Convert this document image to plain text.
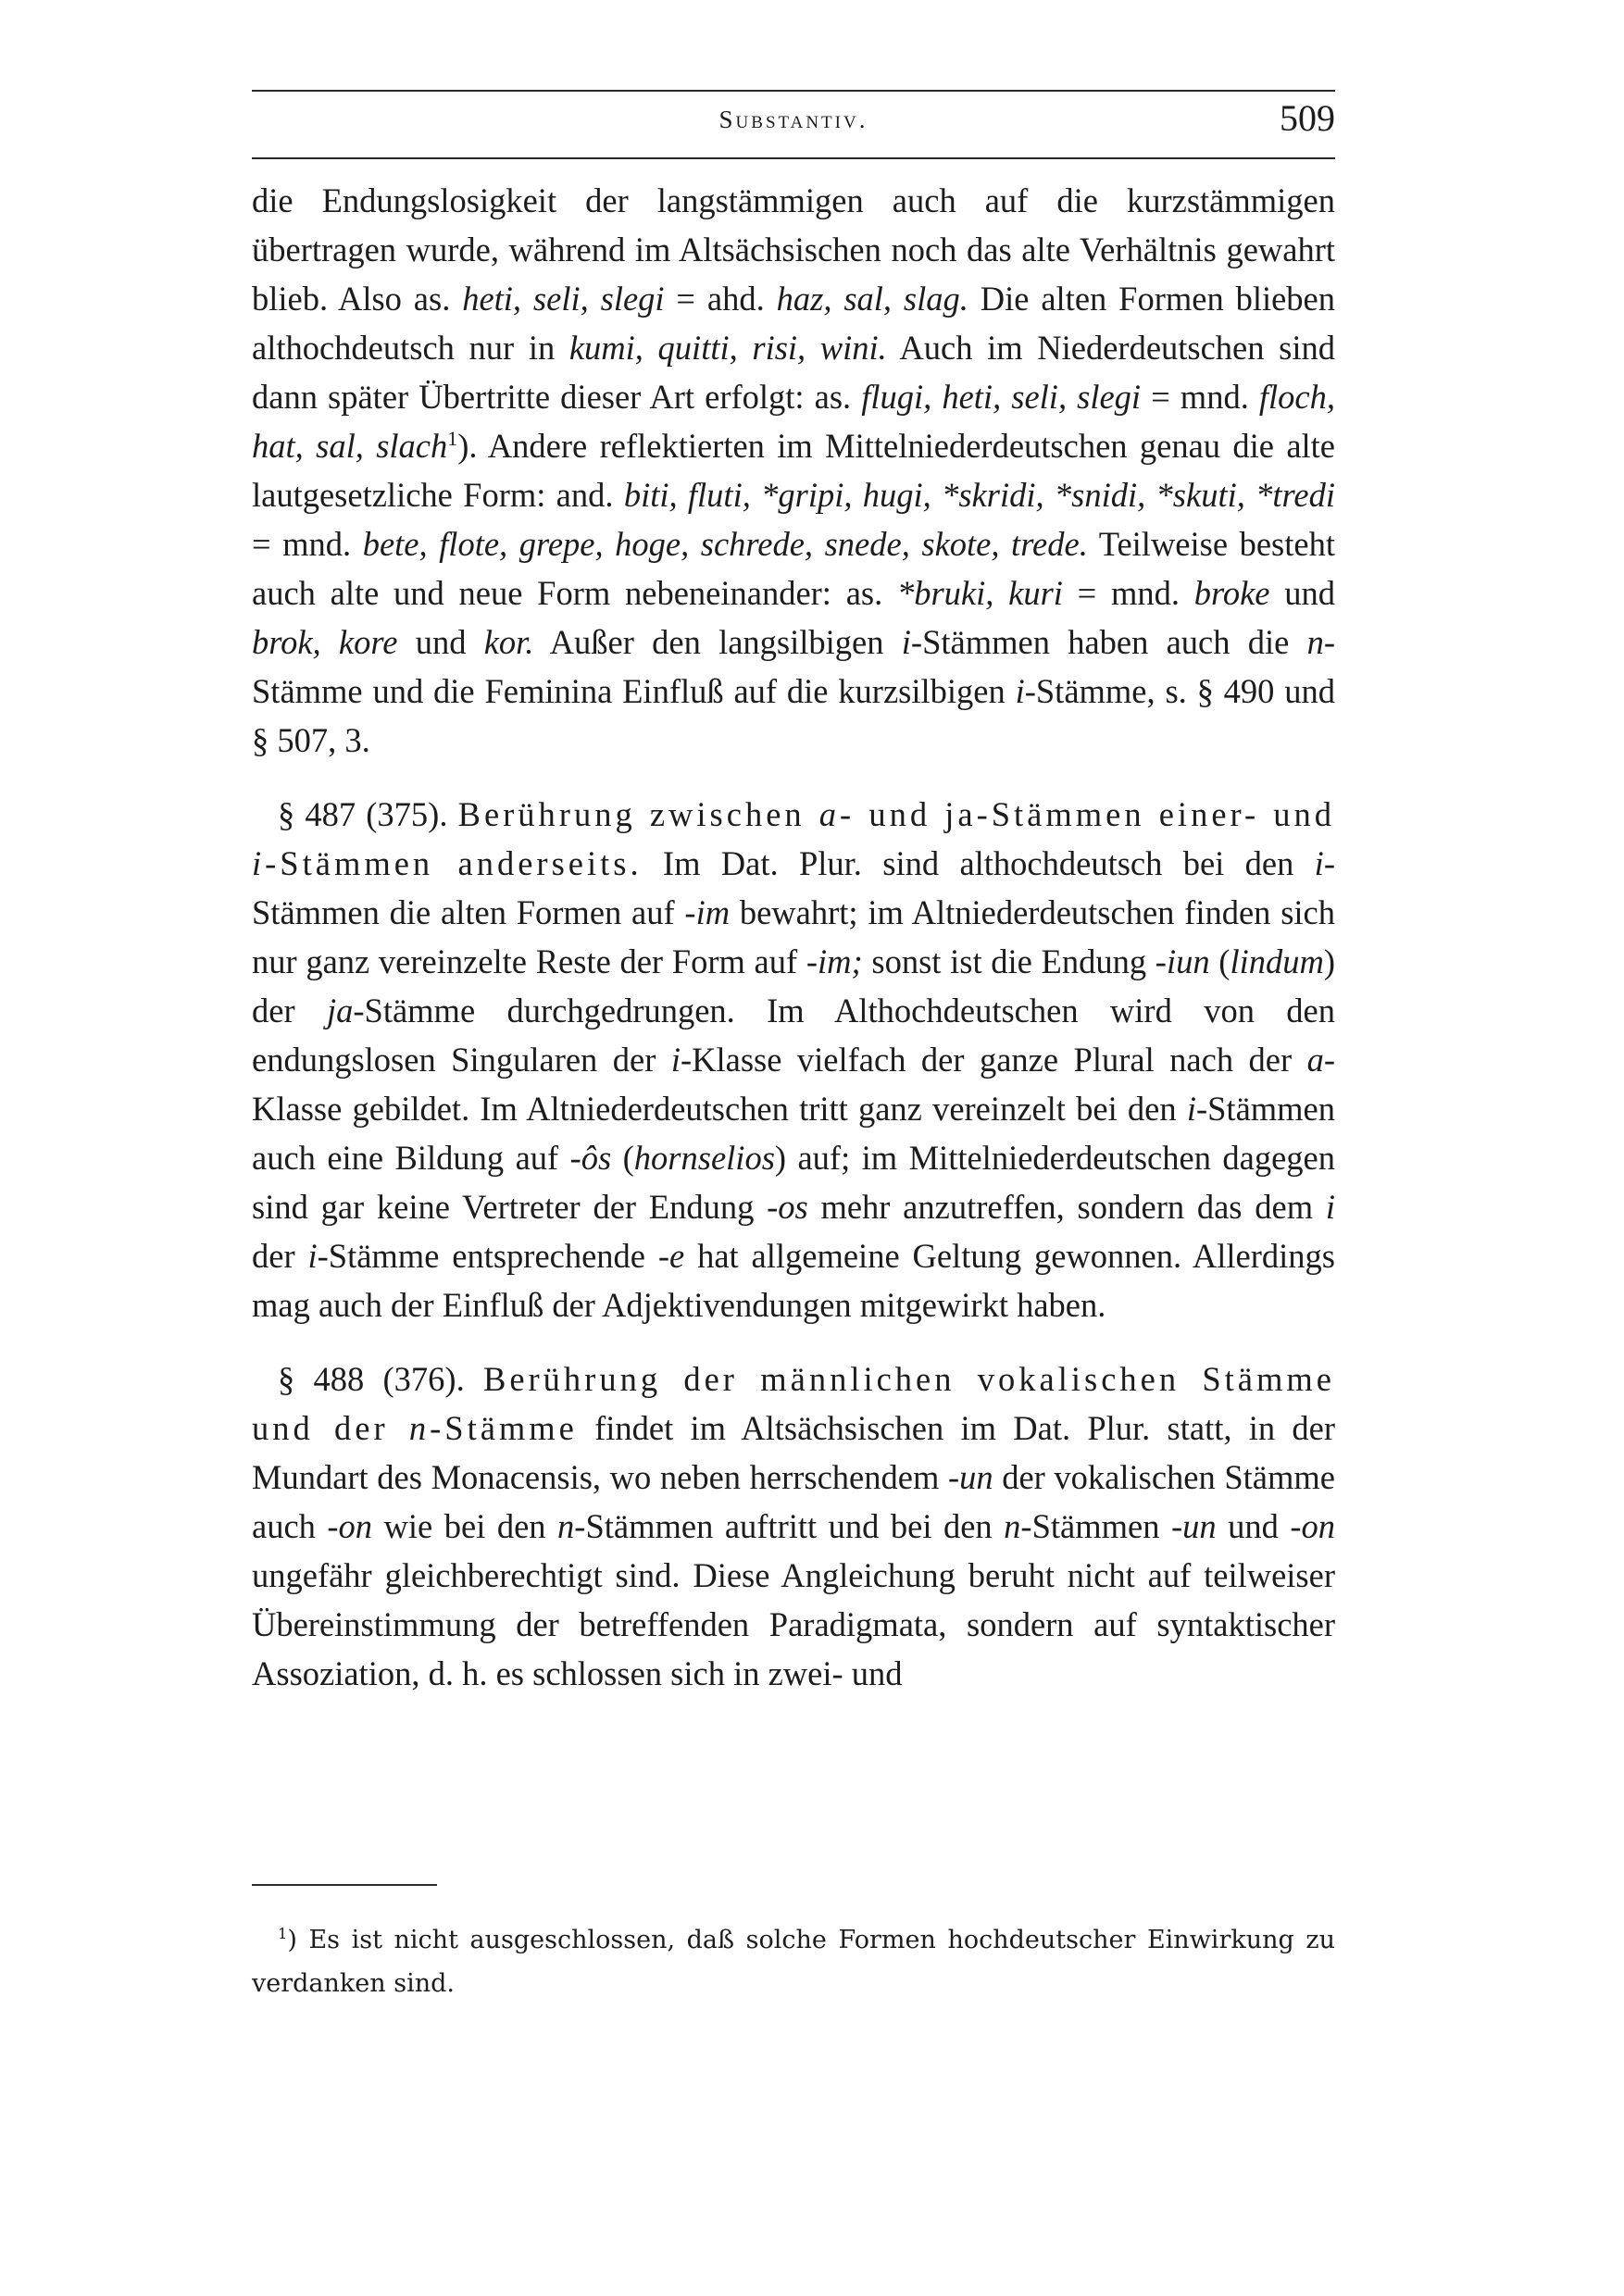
Substantiv.	509

die Endungslosigkeit der langstämmigen auch auf die kurzstämmigen übertragen wurde, während im Altsächsischen noch das alte Verhältnis gewahrt blieb. Also as. heti, seli, slegi = ahd. haz, sal, slag. Die alten Formen blieben althochdeutsch nur in kumi, quitti, risi, wini. Auch im Niederdeutschen sind dann später Übertritte dieser Art erfolgt: as. flugi, heti, seli, slegi = mnd. floch, hat, sal, slach$^1$). Andere reflektierten im Mittelniederdeutschen genau die alte lautgesetzliche Form: and. biti, fluti, *gripi, hugi, *skridi, *snidi, *skuti, *tredi = mnd. bete, flote, grepe, hoge, schrede, snede, skote, trede. Teilweise besteht auch alte und neue Form nebeneinander: as. *bruki, kuri = mnd. broke und brok, kore und kor. Außer den langsilbigen i-Stämmen haben auch die n-Stämme und die Feminina Einfluß auf die kurzsilbigen i-Stämme, s. § 490 und § 507, 3.

§ 487 (375). Berührung zwischen a- und ja-Stämmen einer- und i-Stämmen anderseits. Im Dat. Plur. sind althochdeutsch bei den i-Stämmen die alten Formen auf -im bewahrt; im Altniederdeutschen finden sich nur ganz vereinzelte Reste der Form auf -im; sonst ist die Endung -iun (lindum) der ja-Stämme durchgedrungen. Im Althochdeutschen wird von den endungslosen Singularen der i-Klasse vielfach der ganze Plural nach der a-Klasse gebildet. Im Altniederdeutschen tritt ganz vereinzelt bei den i-Stämmen auch eine Bildung auf -ôs (hornselios) auf; im Mittelniederdeutschen dagegen sind gar keine Vertreter der Endung -os mehr anzutreffen, sondern das dem i der i-Stämme entsprechende -e hat allgemeine Geltung gewonnen. Allerdings mag auch der Einfluß der Adjektivendungen mitgewirkt haben.

§ 488 (376). Berührung der männlichen vokalischen Stämme und der n-Stämme findet im Altsächsischen im Dat. Plur. statt, in der Mundart des Monacensis, wo neben herrschendem -un der vokalischen Stämme auch -on wie bei den n-Stämmen auftritt und bei den n-Stämmen -un und -on ungefähr gleichberechtigt sind. Diese Angleichung beruht nicht auf teilweiser Übereinstimmung der betreffenden Paradigmata, sondern auf syntaktischer Assoziation, d. h. es schlossen sich in zwei- und

$^1$) Es ist nicht ausgeschlossen, daß solche Formen hochdeutscher Einwirkung zu verdanken sind.
